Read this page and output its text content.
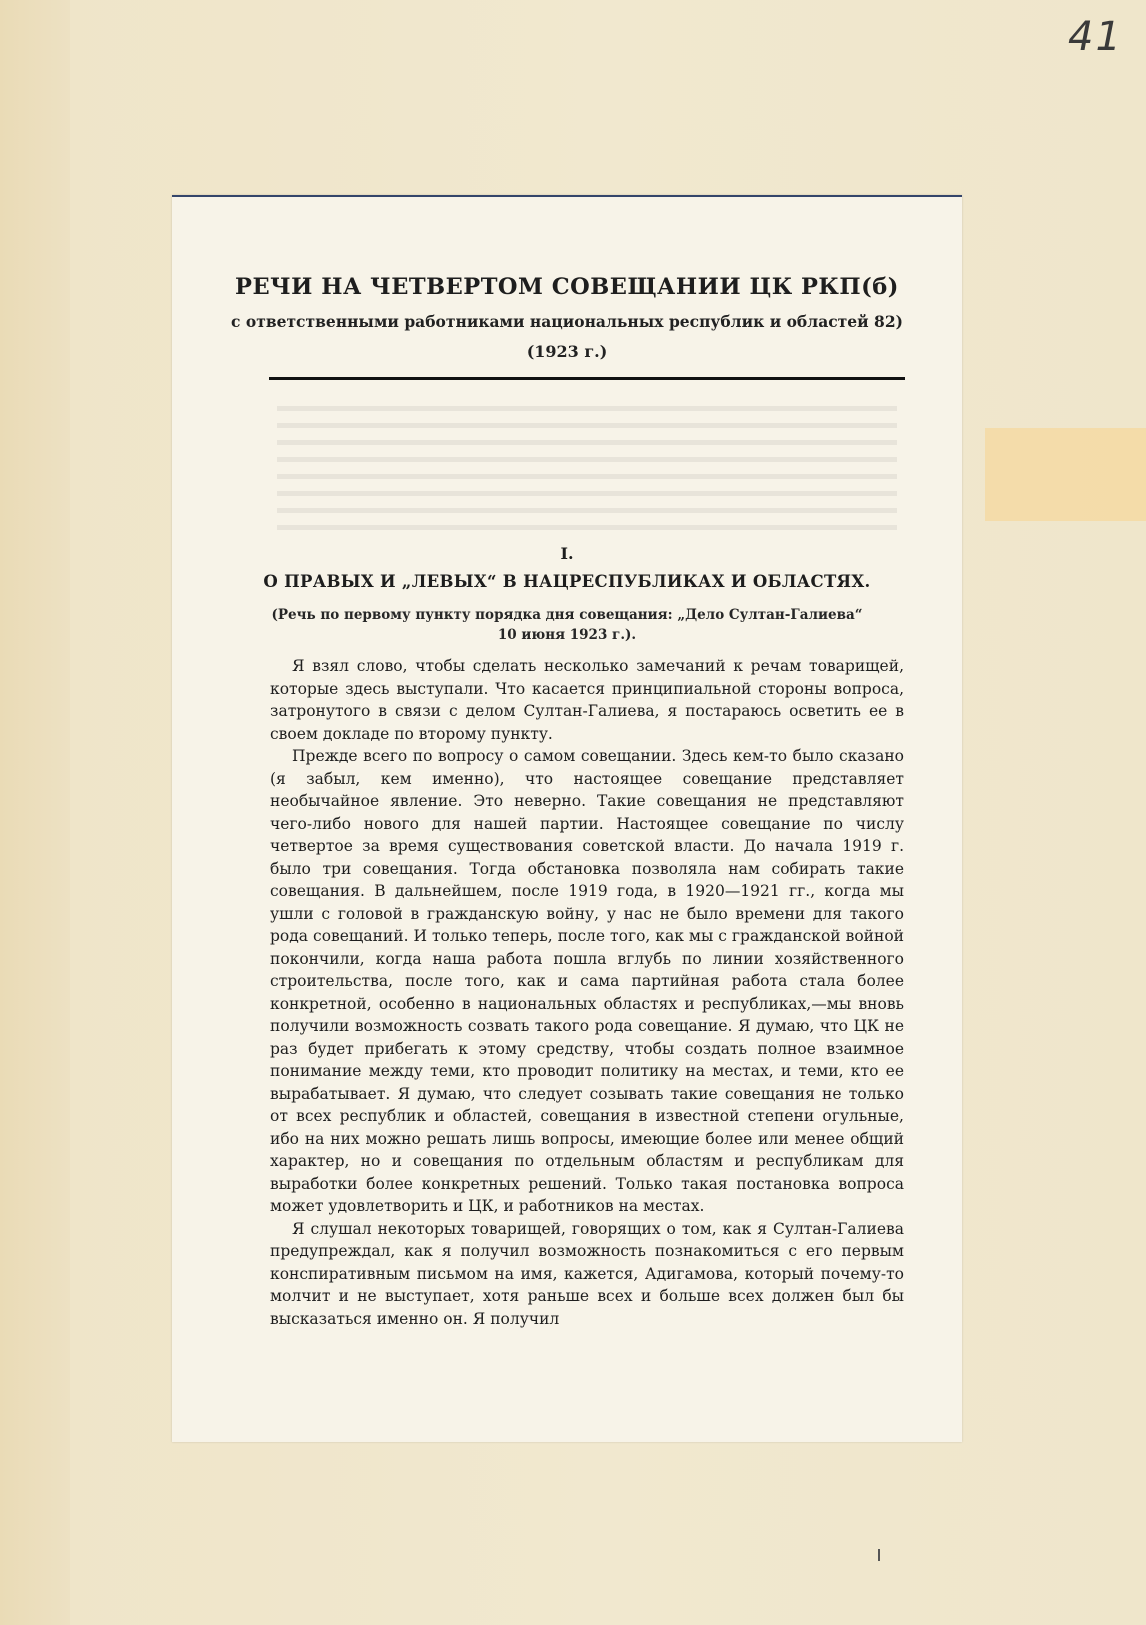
41
РЕЧИ НА ЧЕТВЕРТОМ СОВЕЩАНИИ ЦК РКП(б)
с ответственными работниками национальных республик и областей 82)
(1923 г.)
I.
О ПРАВЫХ И „ЛЕВЫХ“ В НАЦРЕСПУБЛИКАХ И ОБЛАСТЯХ.
(Речь по первому пункту порядка дня совещания: „Дело Султан-Галиева“
10 июня 1923 г.).

Я взял слово, чтобы сделать несколько замечаний к речам товарищей, которые здесь выступали. Что касается принципиальной стороны вопроса, затронутого в связи с делом Султан-Галиева, я постараюсь осветить ее в своем докладе по второму пункту.

Прежде всего по вопросу о самом совещании. Здесь кем-то было сказано (я забыл, кем именно), что настоящее совещание представляет необычайное явление. Это неверно. Такие совещания не представляют чего-либо нового для нашей партии. Настоящее совещание по числу четвертое за время существования советской власти. До начала 1919 г. было три совещания. Тогда обстановка позволяла нам собирать такие совещания. В дальнейшем, после 1919 года, в 1920—1921 гг., когда мы ушли с головой в гражданскую войну, у нас не было времени для такого рода совещаний. И только теперь, после того, как мы с гражданской войной покончили, когда наша работа пошла вглубь по линии хозяйственного строительства, после того, как и сама партийная работа стала более конкретной, особенно в национальных областях и республиках,—мы вновь получили возможность созвать такого рода совещание. Я думаю, что ЦК не раз будет прибегать к этому средству, чтобы создать полное взаимное понимание между теми, кто проводит политику на местах, и теми, кто ее вырабатывает. Я думаю, что следует созывать такие совещания не только от всех республик и областей, совещания в известной степени огульные, ибо на них можно решать лишь вопросы, имеющие более или менее общий характер, но и совещания по отдельным областям и республикам для выработки более конкретных решений. Только такая постановка вопроса может удовлетворить и ЦК, и работников на местах.

Я слушал некоторых товарищей, говорящих о том, как я Султан-Галиева предупреждал, как я получил возможность познакомиться с его первым конспиративным письмом на имя, кажется, Адигамова, который почему-то молчит и не выступает, хотя раньше всех и больше всех должен был бы высказаться именно он. Я получил
